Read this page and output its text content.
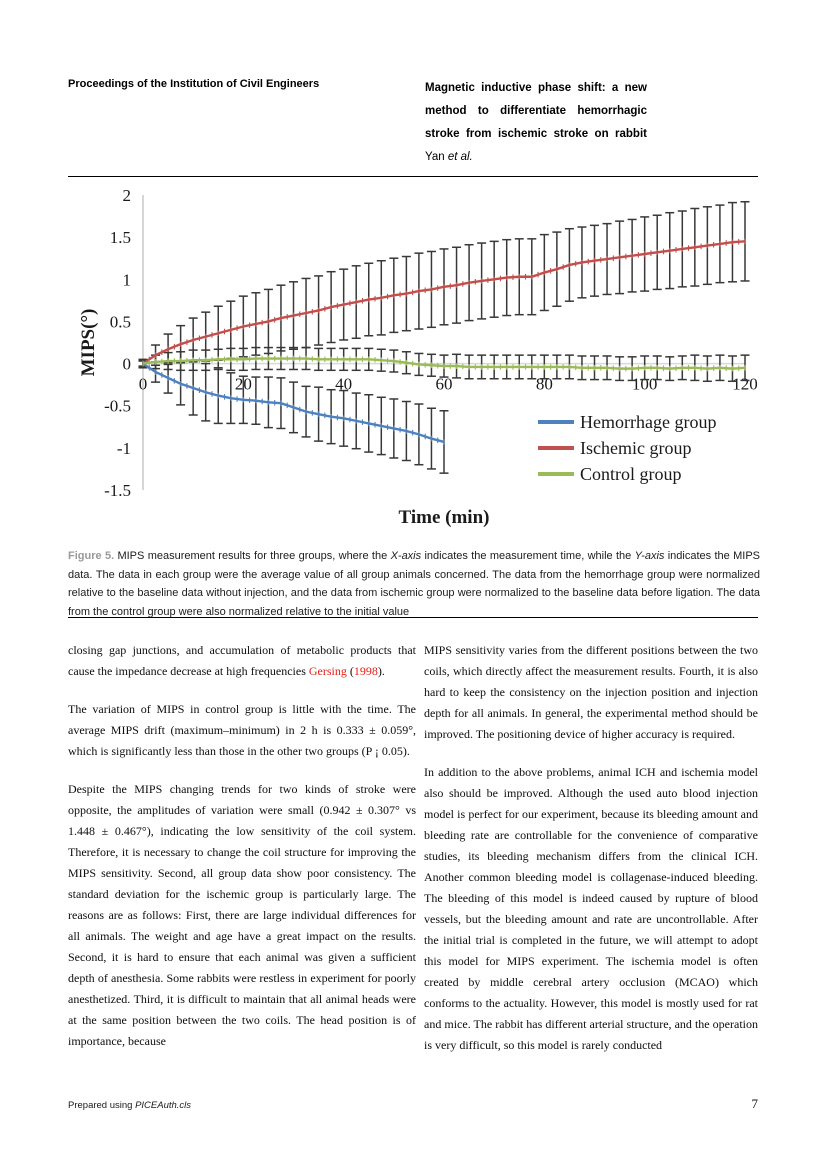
Proceedings of the Institution of Civil Engineers	Magnetic inductive phase shift: a new
method to differentiate hemorrhagic
stroke from ischemic stroke on rabbit
Yan et al.
2
1.5
1
0.5
0
-0.5
-1
-1.5
0	20	40	60	80	100	120
MIPS(°)
Time (min)
Hemorrhage group
Ischemic group
Control group

Figure 5. MIPS measurement results for three groups, where the X-axis indicates the measurement time, while the Y-axis indicates the MIPS data. The data in each group were the average value of all group animals concerned. The data from the hemorrhage group were normalized relative to the baseline data without injection, and the data from ischemic group were normalized to the baseline data before ligation. The data from the control group were also normalized relative to the initial value

closing gap junctions, and accumulation of metabolic products that cause the impedance decrease at high frequencies Gersing (1998).

The variation of MIPS in control group is little with the time. The average MIPS drift (maximum–minimum) in 2 h is 0.333 ± 0.059°, which is significantly less than those in the other two groups (P ¡ 0.05).

Despite the MIPS changing trends for two kinds of stroke were opposite, the amplitudes of variation were small (0.942 ± 0.307° vs 1.448 ± 0.467°), indicating the low sensitivity of the coil system. Therefore, it is necessary to change the coil structure for improving the MIPS sensitivity. Second, all group data show poor consistency. The standard deviation for the ischemic group is particularly large. The reasons are as follows: First, there are large individual differences for all animals. The weight and age have a great impact on the results. Second, it is hard to ensure that each animal was given a sufficient depth of anesthesia. Some rabbits were restless in experiment for poorly anesthetized. Third, it is difficult to maintain that all animal heads were at the same position between the two coils. The head position is of importance, because

MIPS sensitivity varies from the different positions between the two coils, which directly affect the measurement results. Fourth, it is also hard to keep the consistency on the injection position and injection depth for all animals. In general, the experimental method should be improved. The positioning device of higher accuracy is required.

In addition to the above problems, animal ICH and ischemia model also should be improved. Although the used auto blood injection model is perfect for our experiment, because its bleeding amount and bleeding rate are controllable for the convenience of comparative studies, its bleeding mechanism differs from the clinical ICH. Another common bleeding model is collagenase-induced bleeding. The bleeding of this model is indeed caused by rupture of blood vessels, but the bleeding amount and rate are uncontrollable. After the initial trial is completed in the future, we will attempt to adopt this model for MIPS experiment. The ischemia model is often created by middle cerebral artery occlusion (MCAO) which conforms to the actuality. However, this model is mostly used for rat and mice. The rabbit has different arterial structure, and the operation is very difficult, so this model is rarely conducted

Prepared using PICEAuth.cls	7
